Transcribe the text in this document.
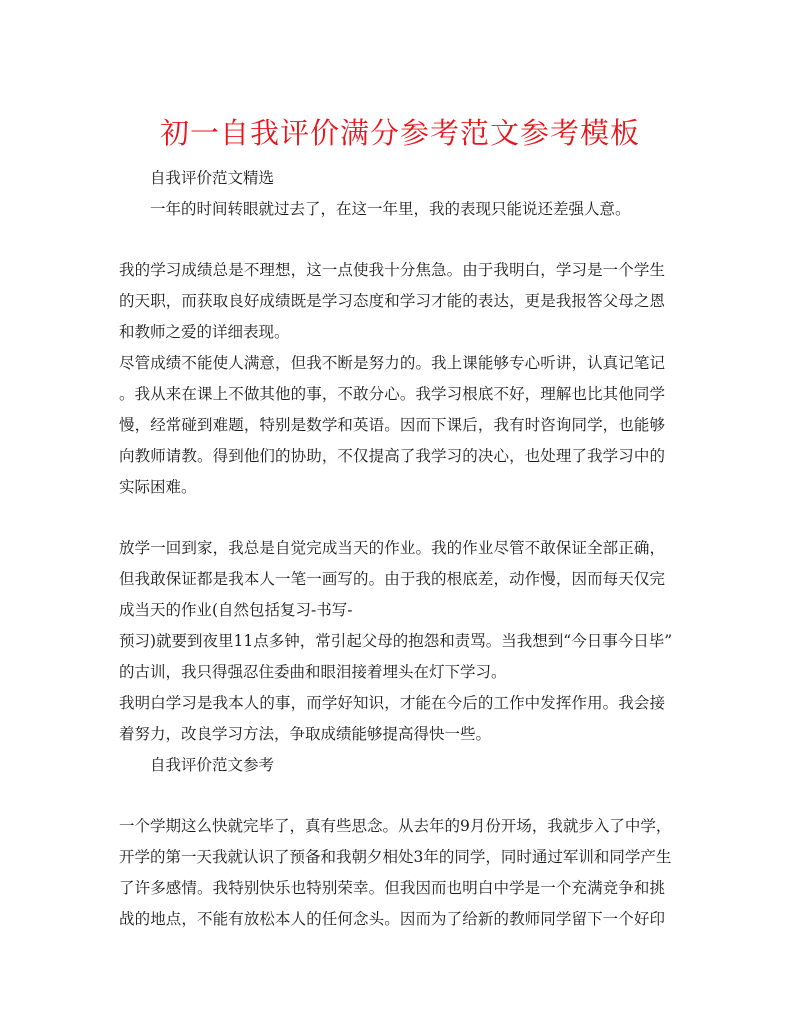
初一自我评价满分参考范文参考模板

自我评价范文精选

一年的时间转眼就过去了，在这一年里，我的表现只能说还差强人意。

我的学习成绩总是不理想，这一点使我十分焦急。由于我明白，学习是一个学生

的天职，而获取良好成绩既是学习态度和学习才能的表达，更是我报答父母之恩

和教师之爱的详细表现。

尽管成绩不能使人满意，但我不断是努力的。我上课能够专心听讲，认真记笔记

。我从来在课上不做其他的事，不敢分心。我学习根底不好，理解也比其他同学

慢，经常碰到难题，特别是数学和英语。因而下课后，我有时咨询同学，也能够

向教师请教。得到他们的协助，不仅提高了我学习的决心，也处理了我学习中的

实际困难。

放学一回到家，我总是自觉完成当天的作业。我的作业尽管不敢保证全部正确，

但我敢保证都是我本人一笔一画写的。由于我的根底差，动作慢，因而每天仅完

成当天的作业(自然包括复习-书写-

预习)就要到夜里11点多钟，常引起父母的抱怨和责骂。当我想到“今日事今日毕”

的古训，我只得强忍住委曲和眼泪接着埋头在灯下学习。

我明白学习是我本人的事，而学好知识，才能在今后的工作中发挥作用。我会接

着努力，改良学习方法，争取成绩能够提高得快一些。

自我评价范文参考

一个学期这么快就完毕了，真有些思念。从去年的9月份开场，我就步入了中学，

开学的第一天我就认识了预备和我朝夕相处3年的同学，同时通过军训和同学产生

了许多感情。我特别快乐也特别荣幸。但我因而也明白中学是一个充满竞争和挑

战的地点，不能有放松本人的任何念头。因而为了给新的教师同学留下一个好印
